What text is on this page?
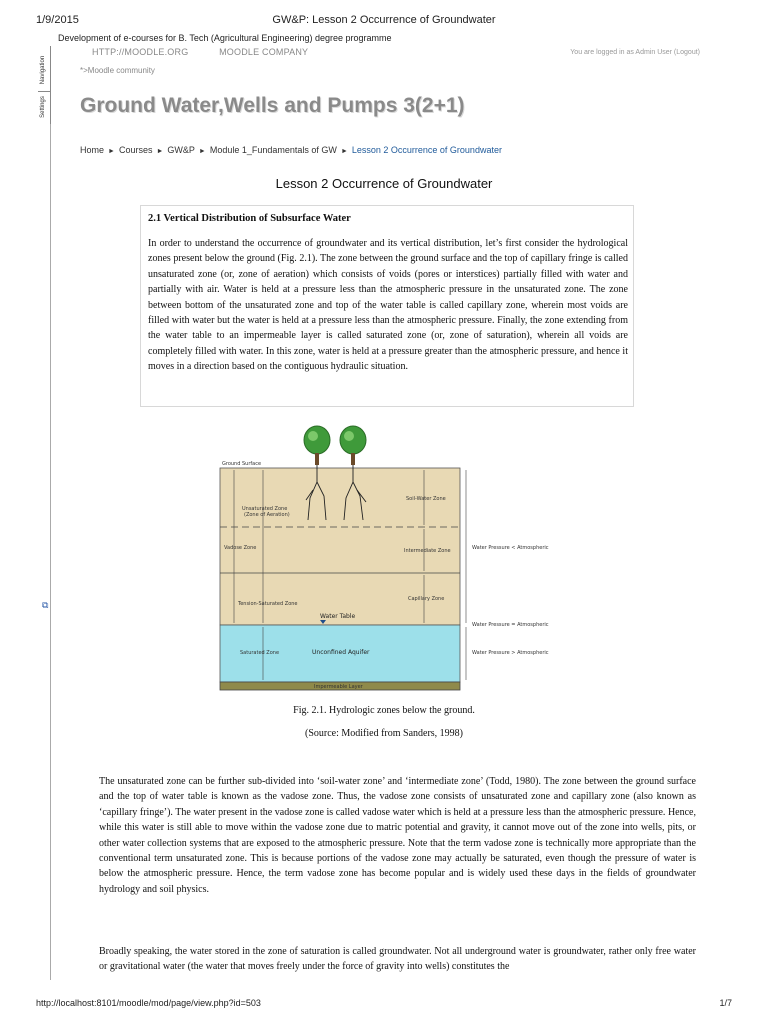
1/9/2015	GW&P: Lesson 2 Occurrence of Groundwater
Development of e-courses for B. Tech (Agricultural Engineering) degree programme
HTTP://MOODLE.ORG	MOODLE COMPANY	You are logged in as Admin User (Logout)
*>Moodle community
Navigation
Settings
⧉
Ground Water,Wells and Pumps 3(2+1)
Home ► Courses ► GW&P ► Module 1_Fundamentals of GW ► Lesson 2 Occurrence of Groundwater
Lesson 2 Occurrence of Groundwater
2.1 Vertical Distribution of Subsurface Water
In order to understand the occurrence of groundwater and its vertical distribution, let’s first consider the hydrological zones present below the ground (Fig. 2.1). The zone between the ground surface and the top of capillary fringe is called unsaturated zone (or, zone of aeration) which consists of voids (pores or interstices) partially filled with water and partially with air. Water is held at a pressure less than the atmospheric pressure in the unsaturated zone. The zone between bottom of the unsaturated zone and top of the water table is called capillary zone, wherein most voids are filled with water but the water is held at a pressure less than the atmospheric pressure. Finally, the zone extending from the water table to an impermeable layer is called saturated zone (or, zone of saturation), wherein all voids are completely filled with water. In this zone, water is held at a pressure greater than the atmospheric pressure, and hence it moves in a direction based on the contiguous hydraulic situation.
Ground Surface
Unsaturated Zone
(Zone of Aeration)
Soil-Water Zone
Vadose Zone	Intermediate Zone
Tension-Saturated Zone
Capillary Zone
Water Table
Saturated Zone	Unconfined Aquifer
Impermeable Layer
Water Pressure < Atmospheric
Water Pressure = Atmospheric
Water Pressure > Atmospheric
Fig. 2.1. Hydrologic zones below the ground.
(Source: Modified from Sanders, 1998)
The unsaturated zone can be further sub-divided into ‘soil-water zone’ and ‘intermediate zone’ (Todd, 1980). The zone between the ground surface and the top of water table is known as the vadose zone. Thus, the vadose zone consists of unsaturated zone and capillary zone (also known as ‘capillary fringe’). The water present in the vadose zone is called vadose water which is held at a pressure less than the atmospheric pressure. Hence, while this water is still able to move within the vadose zone due to matric potential and gravity, it cannot move out of the zone into wells, pits, or other water collection systems that are exposed to the atmospheric pressure. Note that the term vadose zone is technically more appropriate than the conventional term unsaturated zone. This is because portions of the vadose zone may actually be saturated, even though the pressure of water is below the atmospheric pressure. Hence, the term vadose zone has become popular and is widely used these days in the fields of groundwater hydrology and soil physics.
Broadly speaking, the water stored in the zone of saturation is called groundwater. Not all underground water is groundwater, rather only free water or gravitational water (the water that moves freely under the force of gravity into wells) constitutes the
http://localhost:8101/moodle/mod/page/view.php?id=503	1/7
